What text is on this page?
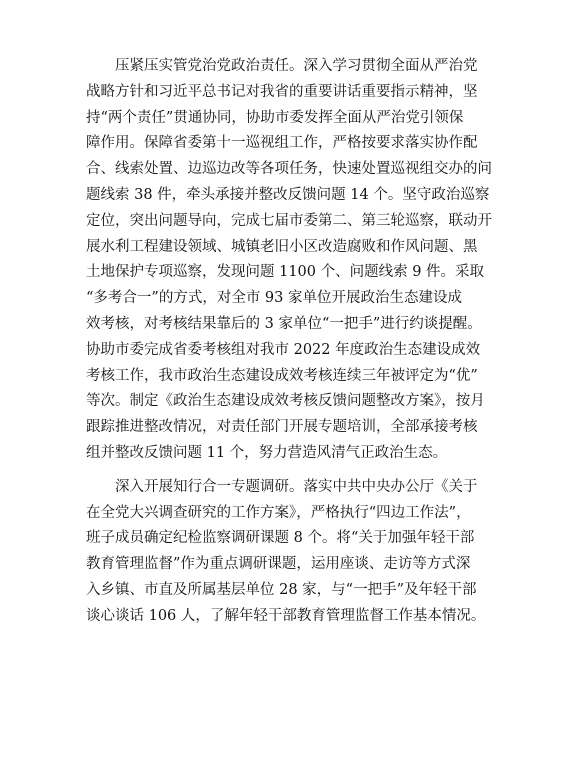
压紧压实管党治党政治责任。深入学习贯彻全面从严治党
战略方针和习近平总书记对我省的重要讲话重要指示精神，坚
持“两个责任”贯通协同，协助市委发挥全面从严治党引领保
障作用。保障省委第十一巡视组工作，严格按要求落实协作配
合、线索处置、边巡边改等各项任务，快速处置巡视组交办的问
题线索 38 件，牵头承接并整改反馈问题 14 个。坚守政治巡察
定位，突出问题导向，完成七届市委第二、第三轮巡察，联动开
展水利工程建设领域、城镇老旧小区改造腐败和作风问题、黑
土地保护专项巡察，发现问题 1100 个、问题线索 9 件。采取
“多考合一”的方式，对全市 93 家单位开展政治生态建设成
效考核，对考核结果靠后的 3 家单位“一把手”进行约谈提醒。
协助市委完成省委考核组对我市 2022 年度政治生态建设成效
考核工作，我市政治生态建设成效考核连续三年被评定为“优”
等次。制定《政治生态建设成效考核反馈问题整改方案》，按月
跟踪推进整改情况，对责任部门开展专题培训，全部承接考核
组并整改反馈问题 11 个，努力营造风清气正政治生态。

深入开展知行合一专题调研。落实中共中央办公厅《关于
在全党大兴调查研究的工作方案》，严格执行“四边工作法”，
班子成员确定纪检监察调研课题 8 个。将“关于加强年轻干部
教育管理监督”作为重点调研课题，运用座谈、走访等方式深
入乡镇、市直及所属基层单位 28 家，与“一把手”及年轻干部
谈心谈话 106 人，了解年轻干部教育管理监督工作基本情况。
